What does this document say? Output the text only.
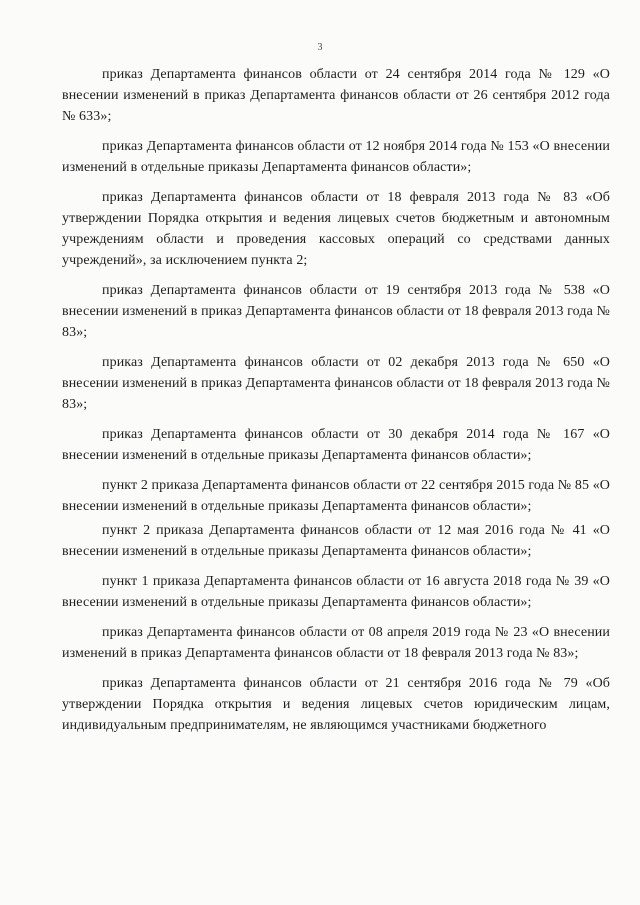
3

приказ Департамента финансов области от 24 сентября 2014 года № 129 «О внесении изменений в приказ Департамента финансов области от 26 сентября 2012 года № 633»;

приказ Департамента финансов области от 12 ноября 2014 года № 153 «О внесении изменений в отдельные приказы Департамента финансов области»;

приказ Департамента финансов области от 18 февраля 2013 года № 83 «Об утверждении Порядка открытия и ведения лицевых счетов бюджетным и автономным учреждениям области и проведения кассовых операций со средствами данных учреждений», за исключением пункта 2;

приказ Департамента финансов области от 19 сентября 2013 года № 538 «О внесении изменений в приказ Департамента финансов области от 18 февраля 2013 года № 83»;

приказ Департамента финансов области от 02 декабря 2013 года № 650 «О внесении изменений в приказ Департамента финансов области от 18 февраля 2013 года № 83»;

приказ Департамента финансов области от 30 декабря 2014 года № 167 «О внесении изменений в отдельные приказы Департамента финансов области»;

пункт 2 приказа Департамента финансов области от 22 сентября 2015 года № 85 «О внесении изменений в отдельные приказы Департамента финансов области»;

пункт 2 приказа Департамента финансов области от 12 мая 2016 года № 41 «О внесении изменений в отдельные приказы Департамента финансов области»;

пункт 1 приказа Департамента финансов области от 16 августа 2018 года № 39 «О внесении изменений в отдельные приказы Департамента финансов области»;

приказ Департамента финансов области от 08 апреля 2019 года № 23 «О внесении изменений в приказ Департамента финансов области от 18 февраля 2013 года № 83»;

приказ Департамента финансов области от 21 сентября 2016 года № 79 «Об утверждении Порядка открытия и ведения лицевых счетов юридическим лицам, индивидуальным предпринимателям, не являющимся участниками бюджетного
